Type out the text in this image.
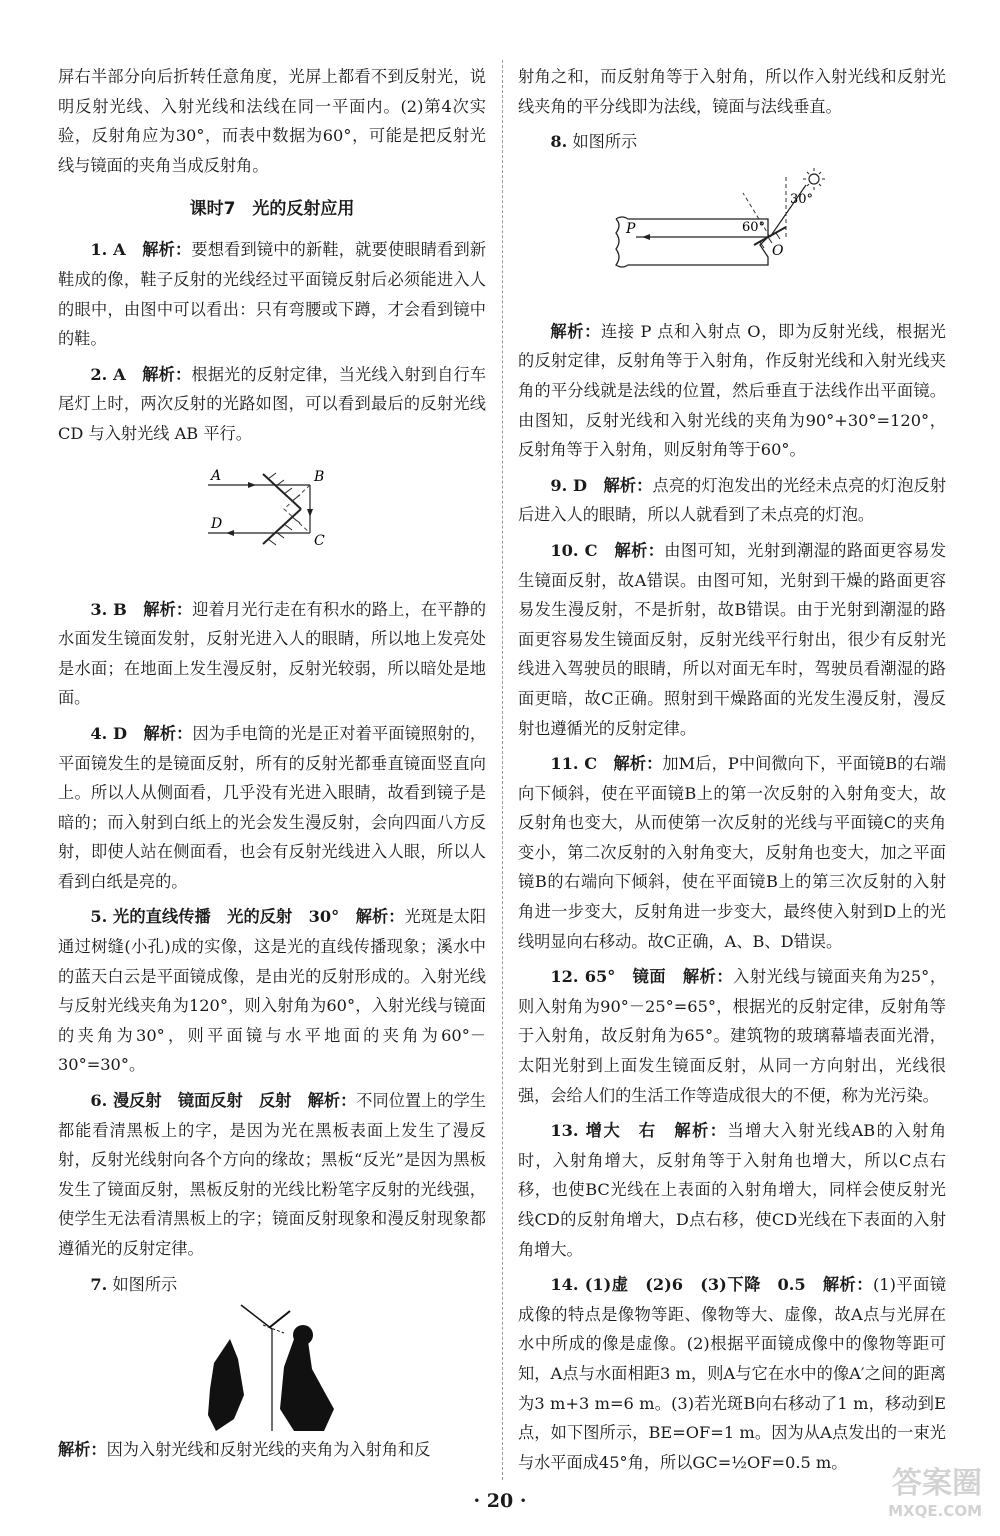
屏右半部分向后折转任意角度，光屏上都看不到反射光，说明反射光线、入射光线和法线在同一平面内。(2)第4次实验，反射角应为30°，而表中数据为60°，可能是把反射光线与镜面的夹角当成反射角。

课时7　光的反射应用

1. A　 解析：要想看到镜中的新鞋，就要使眼睛看到新鞋成的像，鞋子反射的光线经过平面镜反射后必须能进入人的眼中，由图中可以看出：只有弯腰或下蹲，才会看到镜中的鞋。

2. A　 解析：根据光的反射定律，当光线入射到自行车尾灯上时，两次反射的光路如图，可以看到最后的反射光线 CD 与入射光线 AB 平行。

A	B
C
D

3. B　 解析：迎着月光行走在有积水的路上，在平静的水面发生镜面发射，反射光进入人的眼睛，所以地上发亮处是水面；在地面上发生漫反射，反射光较弱，所以暗处是地面。

4. D　 解析：因为手电筒的光是正对着平面镜照射的，平面镜发生的是镜面反射，所有的反射光都垂直镜面竖直向上。所以人从侧面看，几乎没有光进入眼睛，故看到镜子是暗的；而入射到白纸上的光会发生漫反射，会向四面八方反射，即使人站在侧面看，也会有反射光线进入人眼，所以人看到白纸是亮的。

5. 光的直线传播　光的反射　30°　 解析：光斑是太阳通过树缝(小孔)成的实像，这是光的直线传播现象；溪水中的蓝天白云是平面镜成像，是由光的反射形成的。入射光线与反射光线夹角为120°，则入射角为60°，入射光线与镜面的夹角为30°，则平面镜与水平地面的夹角为60°－30°=30°。

6. 漫反射　镜面反射　反射　 解析：不同位置上的学生都能看清黑板上的字，是因为光在黑板表面上发生了漫反射，反射光线射向各个方向的缘故；黑板“反光”是因为黑板发生了镜面反射，黑板反射的光线比粉笔字反射的光线强，使学生无法看清黑板上的字；镜面反射现象和漫反射现象都遵循光的反射定律。

7. 如图所示

解析：因为入射光线和反射光线的夹角为入射角和反

射角之和，而反射角等于入射角，所以作入射光线和反射光线夹角的平分线即为法线，镜面与法线垂直。

8. 如图所示

P
O
60°
30°

解析：连接 P 点和入射点 O，即为反射光线，根据光的反射定律，反射角等于入射角，作反射光线和入射光线夹角的平分线就是法线的位置，然后垂直于法线作出平面镜。由图知，反射光线和入射光线的夹角为90°+30°=120°，反射角等于入射角，则反射角等于60°。

9. D　 解析：点亮的灯泡发出的光经未点亮的灯泡反射后进入人的眼睛，所以人就看到了未点亮的灯泡。

10. C　 解析：由图可知，光射到潮湿的路面更容易发生镜面反射，故A错误。由图可知，光射到干燥的路面更容易发生漫反射，不是折射，故B错误。由于光射到潮湿的路面更容易发生镜面反射，反射光线平行射出，很少有反射光线进入驾驶员的眼睛，所以对面无车时，驾驶员看潮湿的路面更暗，故C正确。照射到干燥路面的光发生漫反射，漫反射也遵循光的反射定律。

11. C　 解析：加M后，P中间微向下，平面镜B的右端向下倾斜，使在平面镜B上的第一次反射的入射角变大，故反射角也变大，从而使第一次反射的光线与平面镜C的夹角变小，第二次反射的入射角变大，反射角也变大，加之平面镜B的右端向下倾斜，使在平面镜B上的第三次反射的入射角进一步变大，反射角进一步变大，最终使入射到D上的光线明显向右移动。故C正确，A、B、D错误。

12. 65°　镜面　 解析：入射光线与镜面夹角为25°，则入射角为90°－25°=65°，根据光的反射定律，反射角等于入射角，故反射角为65°。建筑物的玻璃幕墙表面光滑，太阳光射到上面发生镜面反射，从同一方向射出，光线很强，会给人们的生活工作等造成很大的不便，称为光污染。

13. 增大　右　 解析：当增大入射光线AB的入射角时，入射角增大，反射角等于入射角也增大，所以C点右移，也使BC光线在上表面的入射角增大，同样会使反射光线CD的反射角增大，D点右移，使CD光线在下表面的入射角增大。

14. (1)虚　(2)6　(3)下降　0.5　 解析：(1)平面镜成像的特点是像物等距、像物等大、虚像，故A点与光屏在水中所成的像是虚像。(2)根据平面镜成像中的像物等距可知，A点与水面相距3 m，则A与它在水中的像A′之间的距离为3 m+3 m=6 m。(3)若光斑B向右移动了1 m，移动到E点，如下图所示，BE=OF=1 m。因为从A点发出的一束光与水平面成45°角，所以GC=½OF=0.5 m。

· 20 ·	答案圈
MXQE.COM
